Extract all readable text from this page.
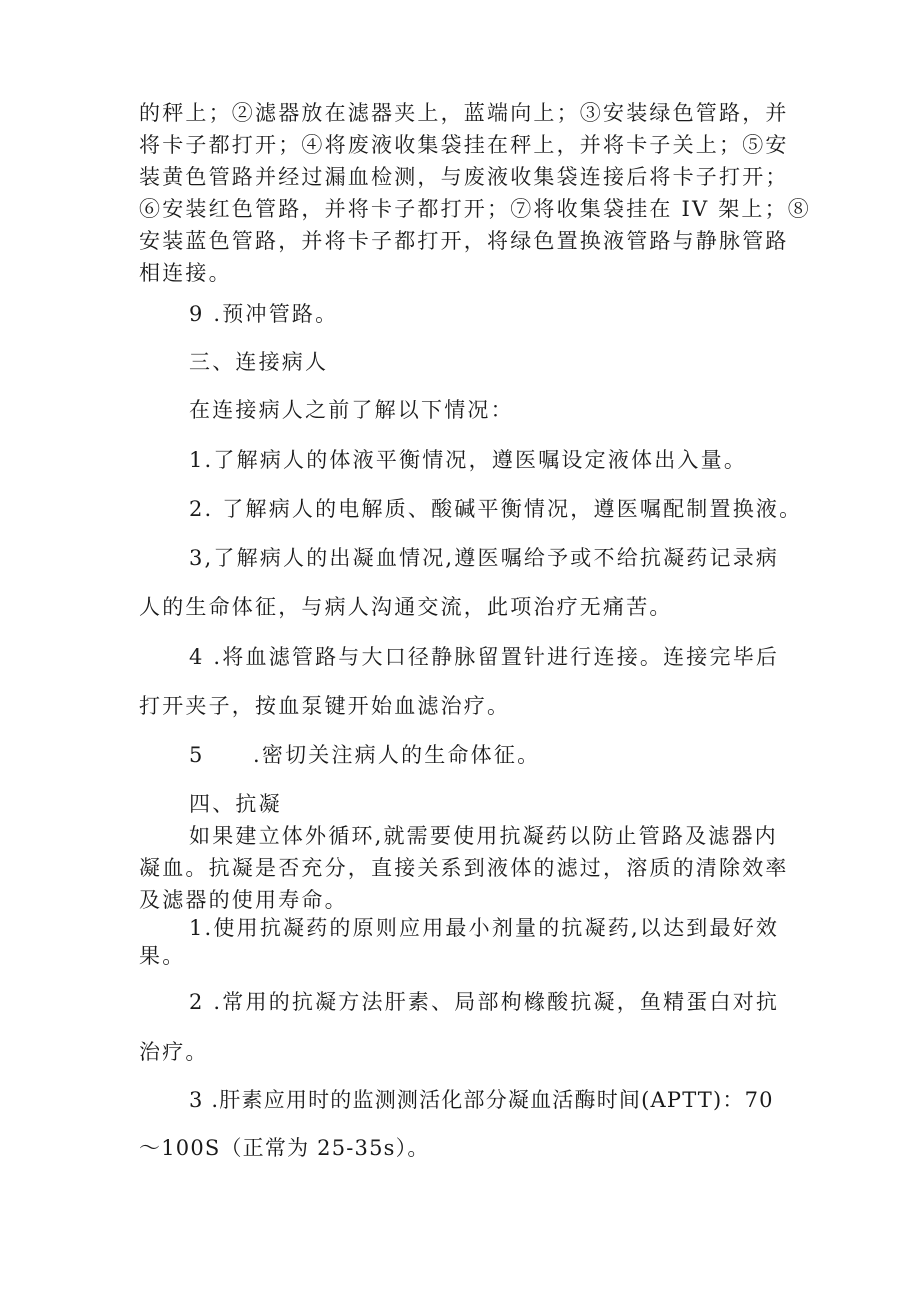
的秤上；②滤器放在滤器夹上，蓝端向上；③安装绿色管路，并
将卡子都打开；④将废液收集袋挂在秤上，并将卡子关上；⑤安
装黄色管路并经过漏血检测，与废液收集袋连接后将卡子打开；
⑥安装红色管路，并将卡子都打开；⑦将收集袋挂在 IV 架上；⑧
安装蓝色管路，并将卡子都打开，将绿色置换液管路与静脉管路
相连接。
9 .预冲管路。
三、连接病人
在连接病人之前了解以下情况：
1.了解病人的体液平衡情况，遵医嘱设定液体出入量。
2. 了解病人的电解质、酸碱平衡情况，遵医嘱配制置换液。
3,了解病人的出凝血情况,遵医嘱给予或不给抗凝药记录病
人的生命体征，与病人沟通交流，此项治疗无痛苦。
4 .将血滤管路与大口径静脉留置针进行连接。连接完毕后
打开夹子，按血泵键开始血滤治疗。
5 .密切关注病人的生命体征。
四、抗凝
如果建立体外循环,就需要使用抗凝药以防止管路及滤器内
凝血。抗凝是否充分，直接关系到液体的滤过，溶质的清除效率
及滤器的使用寿命。
1.使用抗凝药的原则应用最小剂量的抗凝药,以达到最好效
果。
2 .常用的抗凝方法肝素、局部枸橼酸抗凝，鱼精蛋白对抗
治疗。
3 .肝素应用时的监测测活化部分凝血活酶时间(APTT)：70
～100S（正常为 25-35s）。
